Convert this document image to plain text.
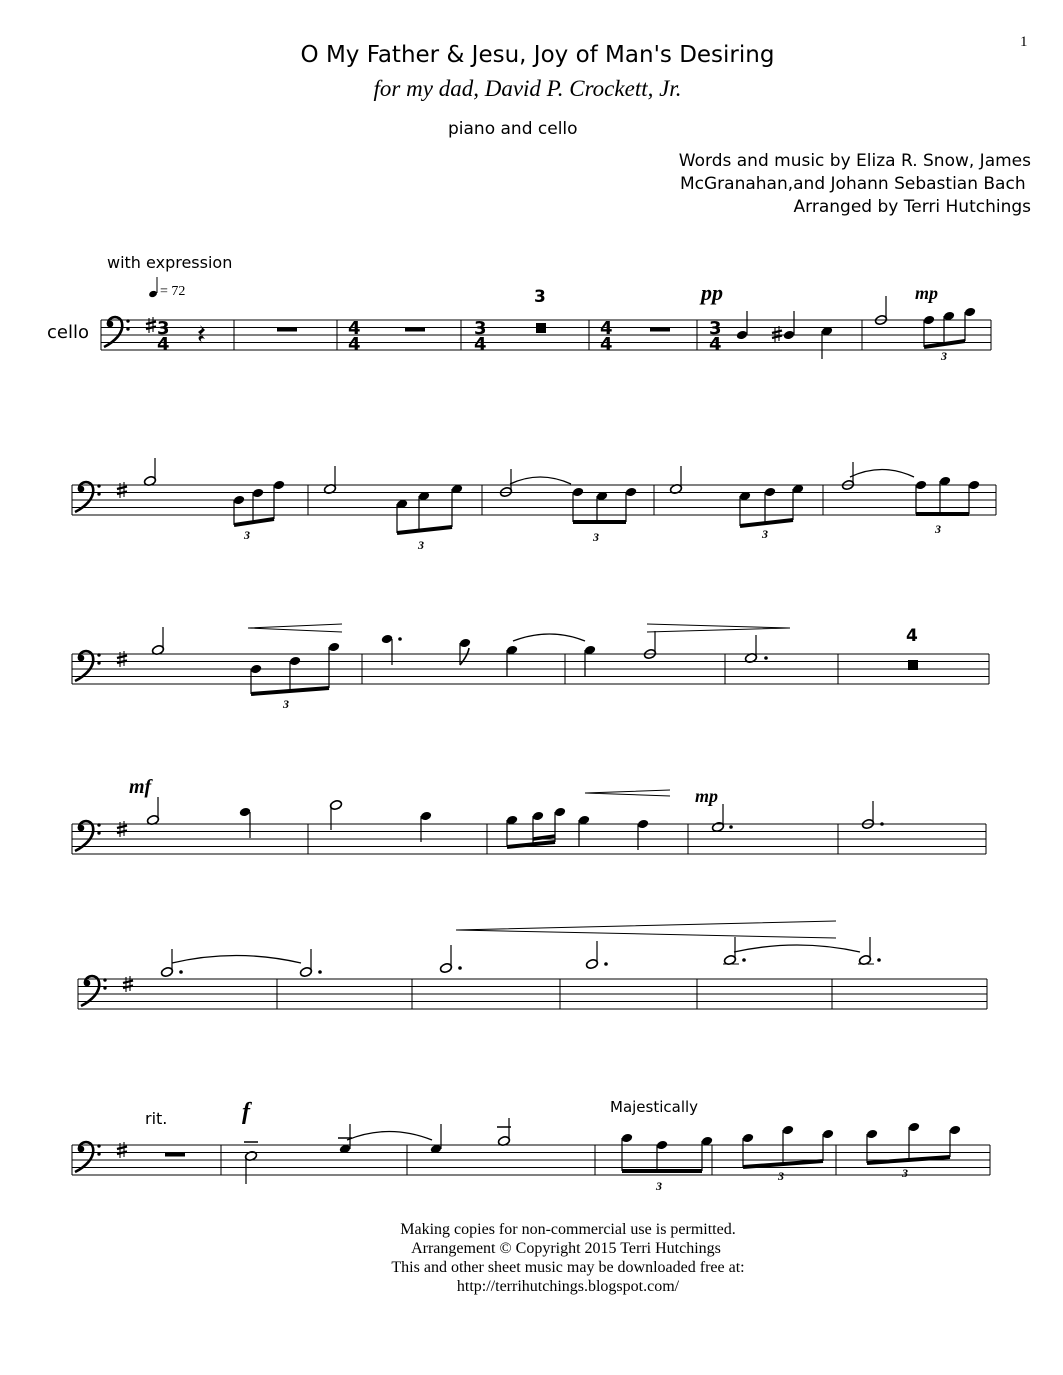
1
O My Father & Jesu, Joy of Man's Desiring
for my dad, David P. Crockett, Jr.
piano and cello
Words and music by Eliza R. Snow, James
McGranahan,and Johann Sebastian Bach
Arranged by Terri Hutchings
3
4
4
4
3
4
4
4
3
4
3
3
3
3	3	3
3
3
3	3
cello
with expression
= 72	3
4
pp	mp
mf	mp
f
rit.
Majestically
Making copies for non-commercial use is permitted.
Arrangement © Copyright 2015 Terri Hutchings
This and other sheet music may be downloaded free at:
http://terrihutchings.blogspot.com/
